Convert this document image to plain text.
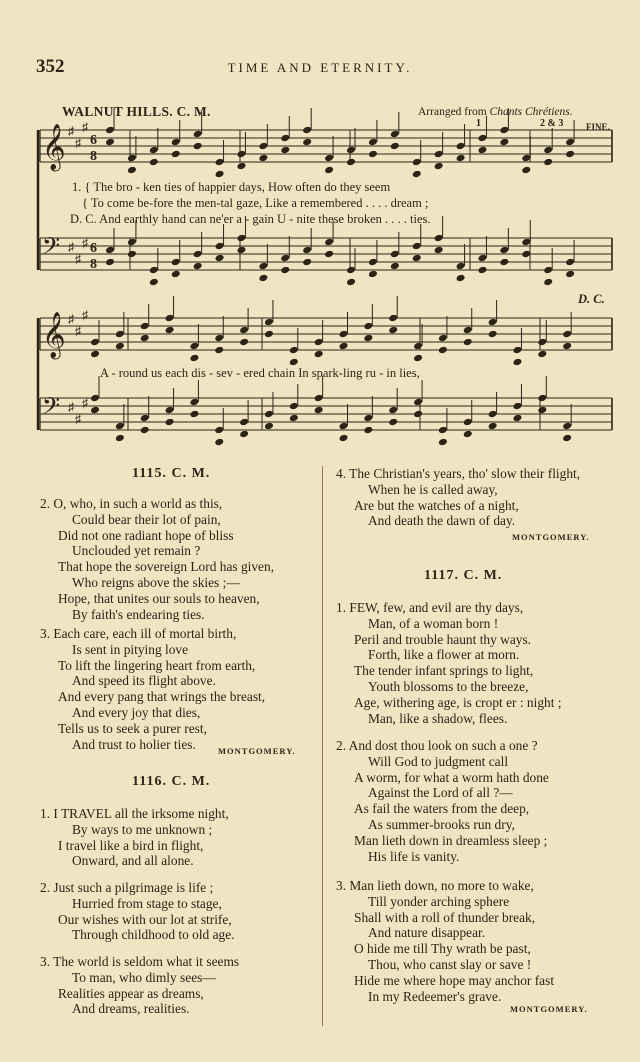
352	TIME AND ETERNITY.
WALNUT HILLS. C. M.	Arranged from Chants Chrétiens.
𝄞 ♯
♯
♯
6
8
𝄢 ♯
♯
♯ 6
8
𝄞 ♯
♯
♯
𝄢 ♯
♯
♯
1	2 & 3	FINE.
1. { The bro - ken ties of happier days, How often do they seem
{ To come be-fore the men-tal gaze, Like a remembered . . . . dream ;
D. C. And earthly hand can ne'er a - gain U - nite these broken . . . . ties.
D. C.
A - round us each dis - sev - ered chain In spark-ling ru - in lies,
1115. C. M.
2. O, who, in such a world as this,
Could bear their lot of pain,
Did not one radiant hope of bliss
Unclouded yet remain ?
That hope the sovereign Lord has given,
Who reigns above the skies ;—
Hope, that unites our souls to heaven,
By faith's endearing ties.
3. Each care, each ill of mortal birth,
Is sent in pitying love
To lift the lingering heart from earth,
And speed its flight above.
And every pang that wrings the breast,
And every joy that dies,
Tells us to seek a purer rest,
And trust to holier ties.	MONTGOMERY.
1116. C. M.
1. I TRAVEL all the irksome night,
By ways to me unknown ;
I travel like a bird in flight,
Onward, and all alone.
2. Just such a pilgrimage is life ;
Hurried from stage to stage,
Our wishes with our lot at strife,
Through childhood to old age.
3. The world is seldom what it seems
To man, who dimly sees—
Realities appear as dreams,
And dreams, realities.
4. The Christian's years, tho' slow their flight,
When he is called away,
Are but the watches of a night,
And death the dawn of day.
MONTGOMERY.
1117. C. M.
1. FEW, few, and evil are thy days,
Man, of a woman born !
Peril and trouble haunt thy ways.
Forth, like a flower at morn.
The tender infant springs to light,
Youth blossoms to the breeze,
Age, withering age, is cropt er : night ;
Man, like a shadow, flees.
2. And dost thou look on such a one ?
Will God to judgment call
A worm, for what a worm hath done
Against the Lord of all ?—
As fail the waters from the deep,
As summer-brooks run dry,
Man lieth down in dreamless sleep ;
His life is vanity.
3. Man lieth down, no more to wake,
Till yonder arching sphere
Shall with a roll of thunder break,
And nature disappear.
O hide me till Thy wrath be past,
Thou, who canst slay or save !
Hide me where hope may anchor fast
In my Redeemer's grave.
MONTGOMERY.
